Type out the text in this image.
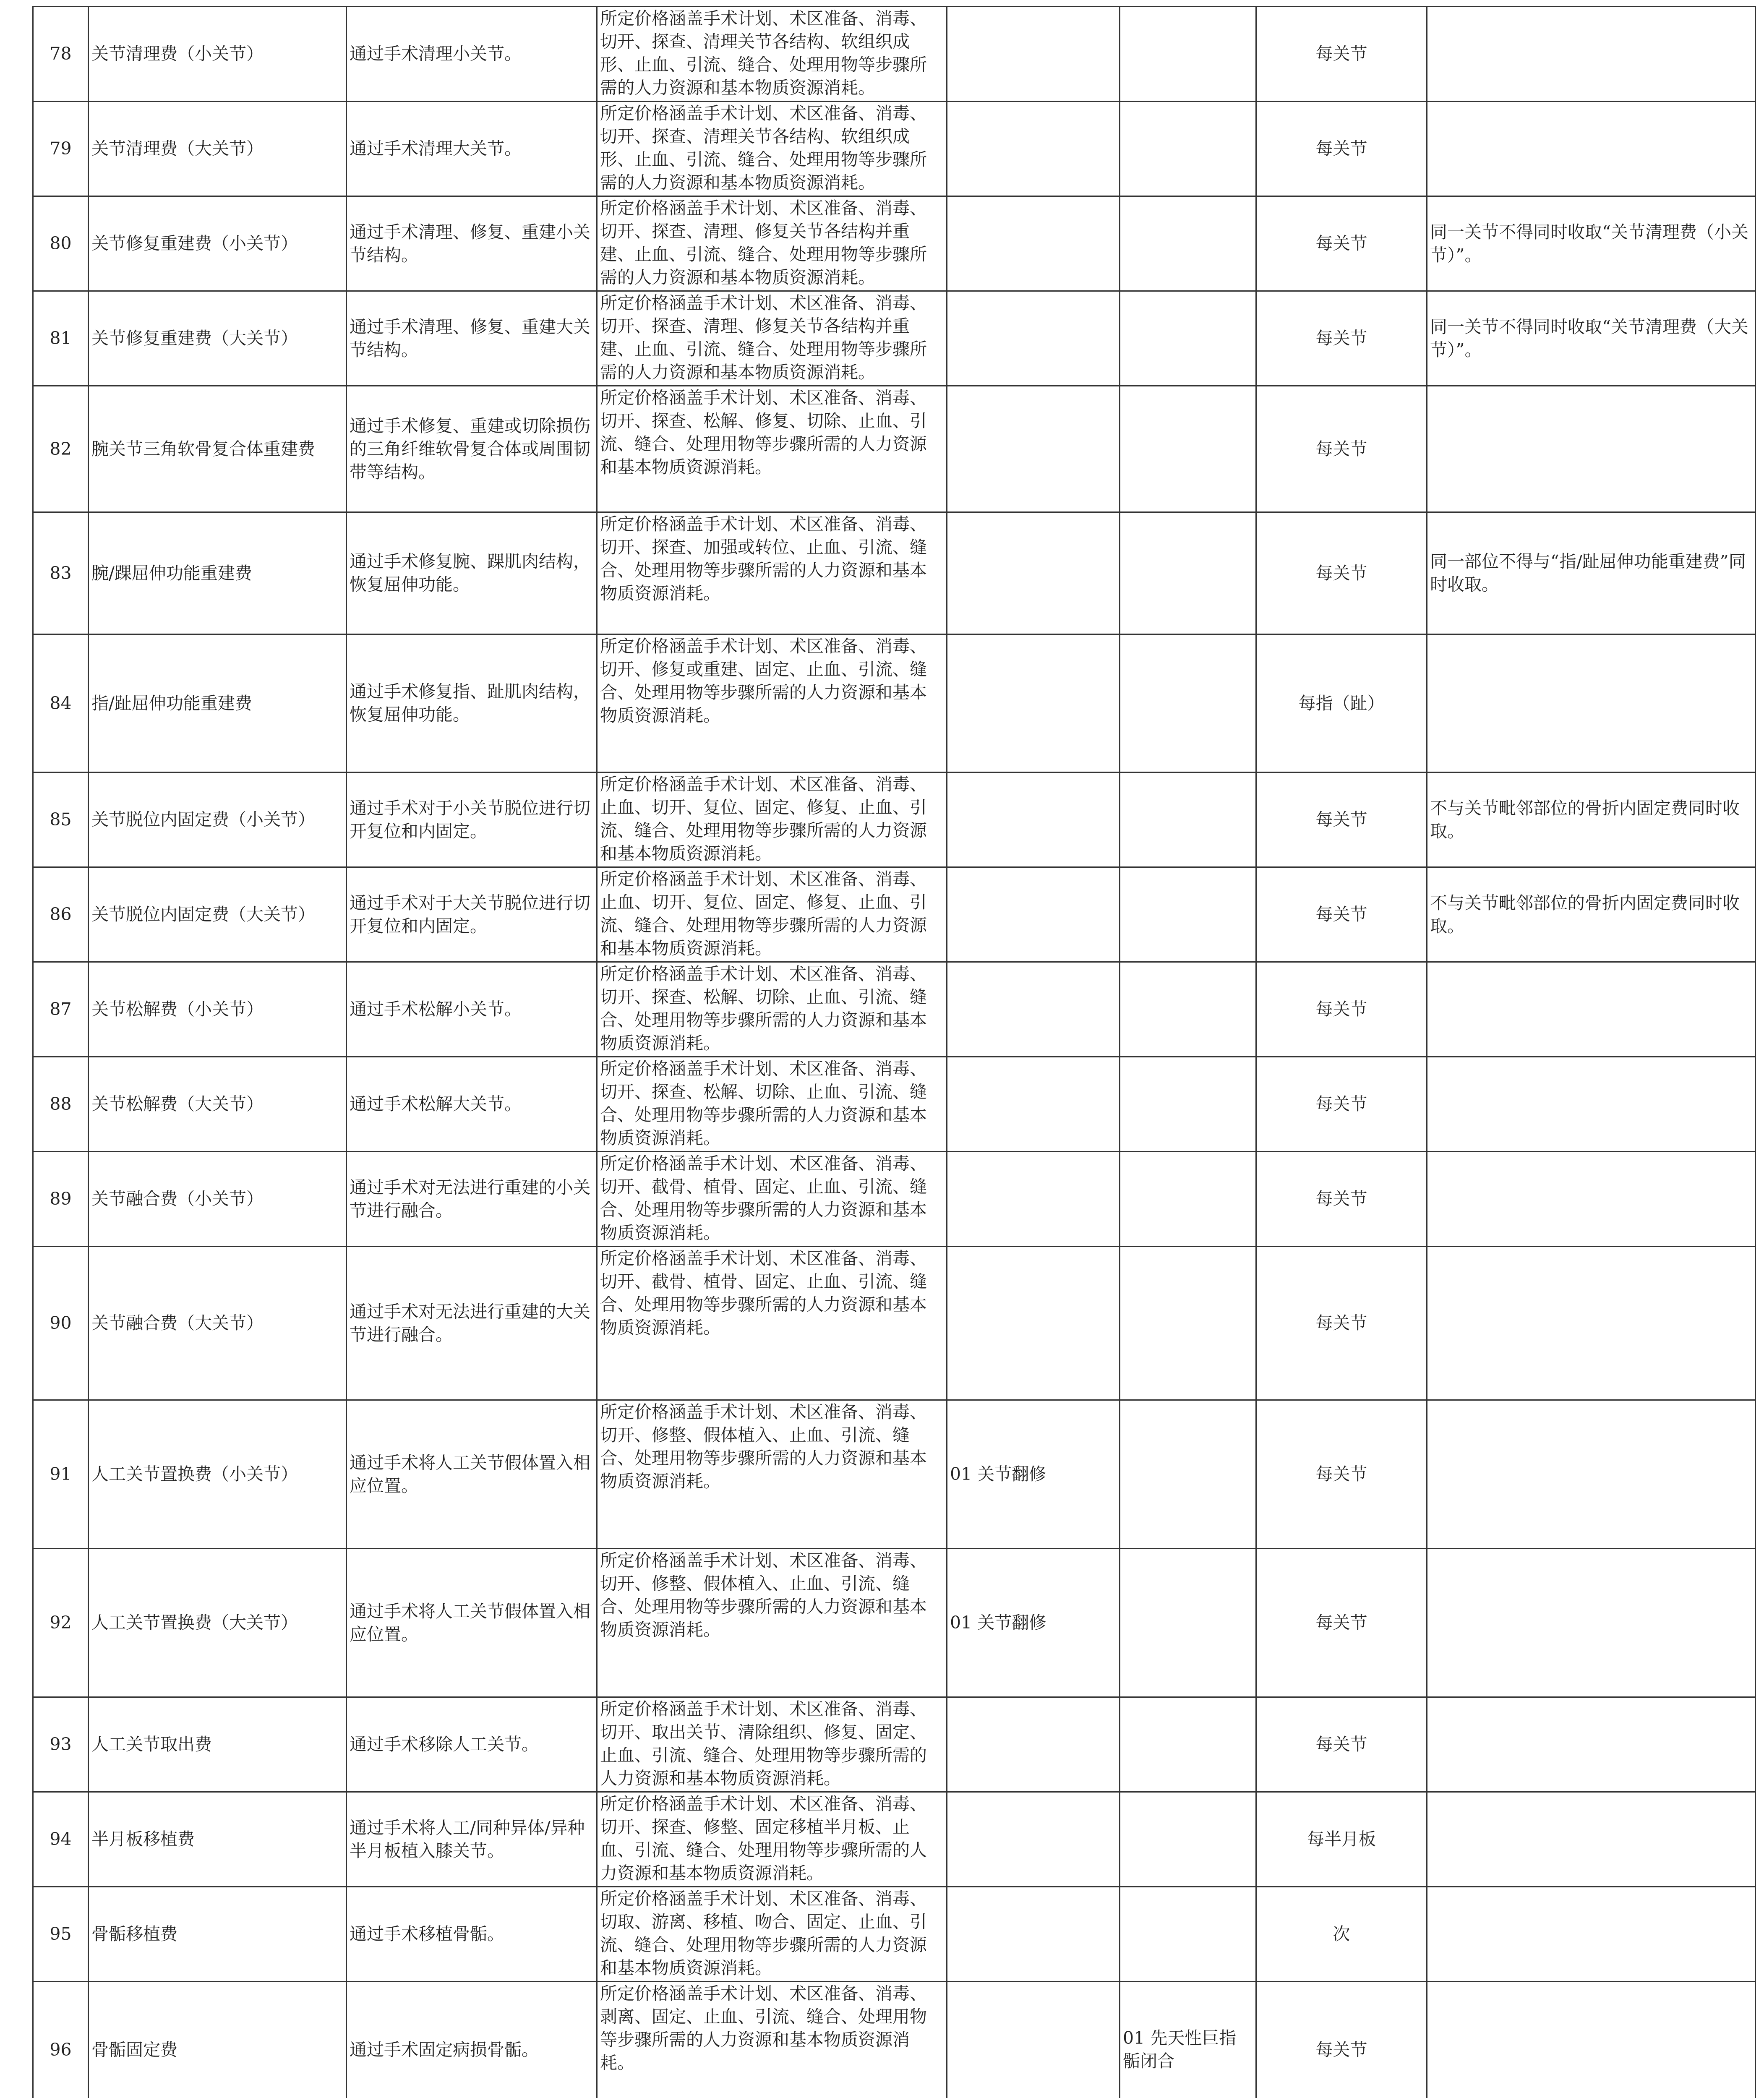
78	关节清理费（小关节）	通过手术清理小关节。	所定价格涵盖手术计划、术区准备、消毒、切开、探查、清理关节各结构、软组织成形、止血、引流、缝合、处理用物等步骤所需的人力资源和基本物质资源消耗。			每关节	
79	关节清理费（大关节）	通过手术清理大关节。	所定价格涵盖手术计划、术区准备、消毒、切开、探查、清理关节各结构、软组织成形、止血、引流、缝合、处理用物等步骤所需的人力资源和基本物质资源消耗。			每关节	
80	关节修复重建费（小关节）	通过手术清理、修复、重建小关节结构。	所定价格涵盖手术计划、术区准备、消毒、切开、探查、清理、修复关节各结构并重建、止血、引流、缝合、处理用物等步骤所需的人力资源和基本物质资源消耗。			每关节	同一关节不得同时收取“关节清理费（小关节）”。
81	关节修复重建费（大关节）	通过手术清理、修复、重建大关节结构。	所定价格涵盖手术计划、术区准备、消毒、切开、探查、清理、修复关节各结构并重建、止血、引流、缝合、处理用物等步骤所需的人力资源和基本物质资源消耗。			每关节	同一关节不得同时收取“关节清理费（大关节）”。
82	腕关节三角软骨复合体重建费	通过手术修复、重建或切除损伤的三角纤维软骨复合体或周围韧带等结构。	所定价格涵盖手术计划、术区准备、消毒、切开、探查、松解、修复、切除、止血、引流、缝合、处理用物等步骤所需的人力资源和基本物质资源消耗。			每关节	
83	腕/踝屈伸功能重建费	通过手术修复腕、踝肌肉结构，恢复屈伸功能。	所定价格涵盖手术计划、术区准备、消毒、切开、探查、加强或转位、止血、引流、缝合、处理用物等步骤所需的人力资源和基本物质资源消耗。			每关节	同一部位不得与“指/趾屈伸功能重建费”同时收取。
84	指/趾屈伸功能重建费	通过手术修复指、趾肌肉结构，恢复屈伸功能。	所定价格涵盖手术计划、术区准备、消毒、切开、修复或重建、固定、止血、引流、缝合、处理用物等步骤所需的人力资源和基本物质资源消耗。			每指（趾）	
85	关节脱位内固定费（小关节）	通过手术对于小关节脱位进行切开复位和内固定。	所定价格涵盖手术计划、术区准备、消毒、止血、切开、复位、固定、修复、止血、引流、缝合、处理用物等步骤所需的人力资源和基本物质资源消耗。			每关节	不与关节毗邻部位的骨折内固定费同时收取。
86	关节脱位内固定费（大关节）	通过手术对于大关节脱位进行切开复位和内固定。	所定价格涵盖手术计划、术区准备、消毒、止血、切开、复位、固定、修复、止血、引流、缝合、处理用物等步骤所需的人力资源和基本物质资源消耗。			每关节	不与关节毗邻部位的骨折内固定费同时收取。
87	关节松解费（小关节）	通过手术松解小关节。	所定价格涵盖手术计划、术区准备、消毒、切开、探查、松解、切除、止血、引流、缝合、处理用物等步骤所需的人力资源和基本物质资源消耗。			每关节	
88	关节松解费（大关节）	通过手术松解大关节。	所定价格涵盖手术计划、术区准备、消毒、切开、探查、松解、切除、止血、引流、缝合、处理用物等步骤所需的人力资源和基本物质资源消耗。			每关节	
89	关节融合费（小关节）	通过手术对无法进行重建的小关节进行融合。	所定价格涵盖手术计划、术区准备、消毒、切开、截骨、植骨、固定、止血、引流、缝合、处理用物等步骤所需的人力资源和基本物质资源消耗。			每关节	
90	关节融合费（大关节）	通过手术对无法进行重建的大关节进行融合。	所定价格涵盖手术计划、术区准备、消毒、切开、截骨、植骨、固定、止血、引流、缝合、处理用物等步骤所需的人力资源和基本物质资源消耗。			每关节	
91	人工关节置换费（小关节）	通过手术将人工关节假体置入相应位置。	所定价格涵盖手术计划、术区准备、消毒、切开、修整、假体植入、止血、引流、缝合、处理用物等步骤所需的人力资源和基本物质资源消耗。	01 关节翻修		每关节	
92	人工关节置换费（大关节）	通过手术将人工关节假体置入相应位置。	所定价格涵盖手术计划、术区准备、消毒、切开、修整、假体植入、止血、引流、缝合、处理用物等步骤所需的人力资源和基本物质资源消耗。	01 关节翻修		每关节	
93	人工关节取出费	通过手术移除人工关节。	所定价格涵盖手术计划、术区准备、消毒、切开、取出关节、清除组织、修复、固定、止血、引流、缝合、处理用物等步骤所需的人力资源和基本物质资源消耗。			每关节	
94	半月板移植费	通过手术将人工/同种异体/异种半月板植入膝关节。	所定价格涵盖手术计划、术区准备、消毒、切开、探查、修整、固定移植半月板、止血、引流、缝合、处理用物等步骤所需的人力资源和基本物质资源消耗。			每半月板	
95	骨骺移植费	通过手术移植骨骺。	所定价格涵盖手术计划、术区准备、消毒、切取、游离、移植、吻合、固定、止血、引流、缝合、处理用物等步骤所需的人力资源和基本物质资源消耗。			次	
96	骨骺固定费	通过手术固定病损骨骺。	所定价格涵盖手术计划、术区准备、消毒、剥离、固定、止血、引流、缝合、处理用物等步骤所需的人力资源和基本物质资源消耗。		01 先天性巨指骺闭合	每关节	
